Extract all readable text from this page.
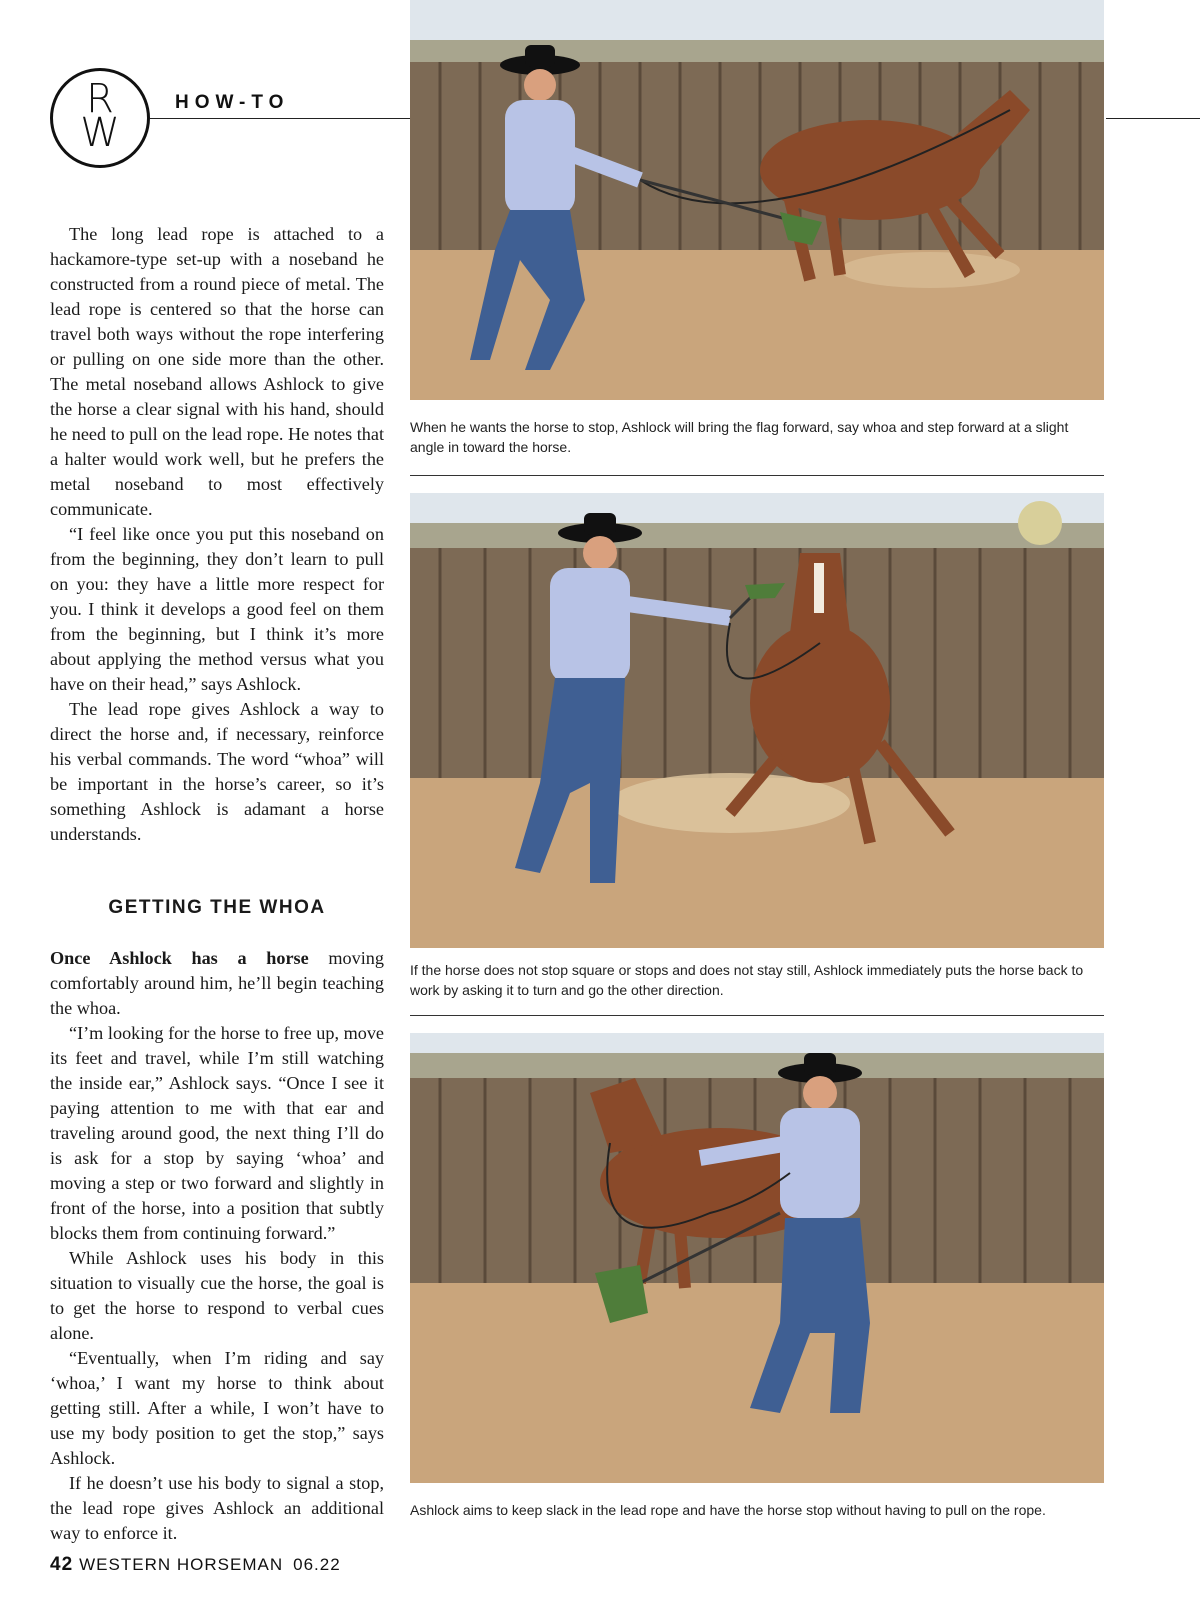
R
W
HOW-TO

The long lead rope is attached to a hackamore-type set-up with a noseband he constructed from a round piece of metal. The lead rope is centered so that the horse can travel both ways without the rope interfering or pulling on one side more than the other. The metal noseband allows Ashlock to give the horse a clear signal with his hand, should he need to pull on the lead rope. He notes that a halter would work well, but he prefers the metal noseband to most effectively communicate.

“I feel like once you put this noseband on from the beginning, they don’t learn to pull on you: they have a little more respect for you. I think it develops a good feel on them from the beginning, but I think it’s more about applying the method versus what you have on their head,” says Ashlock.

The lead rope gives Ashlock a way to direct the horse and, if necessary, reinforce his verbal commands. The word “whoa” will be important in the horse’s career, so it’s something Ashlock is adamant a horse understands.

GETTING THE WHOA

Once Ashlock has a horse moving comfortably around him, he’ll begin teaching the whoa.

“I’m looking for the horse to free up, move its feet and travel, while I’m still watching the inside ear,” Ashlock says. “Once I see it paying attention to me with that ear and traveling around good, the next thing I’ll do is ask for a stop by saying ‘whoa’ and moving a step or two forward and slightly in front of the horse, into a position that subtly blocks them from continuing forward.”

While Ashlock uses his body in this situation to visually cue the horse, the goal is to get the horse to respond to verbal cues alone.

“Eventually, when I’m riding and say ‘whoa,’ I want my horse to think about getting still. After a while, I won’t have to use my body position to get the stop,” says Ashlock.

If he doesn’t use his body to signal a stop, the lead rope gives Ashlock an additional way to enforce it.

When he wants the horse to stop, Ashlock will bring the flag forward, say whoa and step forward at a slight angle in toward the horse.
If the horse does not stop square or stops and does not stay still, Ashlock immediately puts the horse back to work by asking it to turn and go the other direction.
Ashlock aims to keep slack in the lead rope and have the horse stop without having to pull on the rope.
42 WESTERN HORSEMAN 06.22
